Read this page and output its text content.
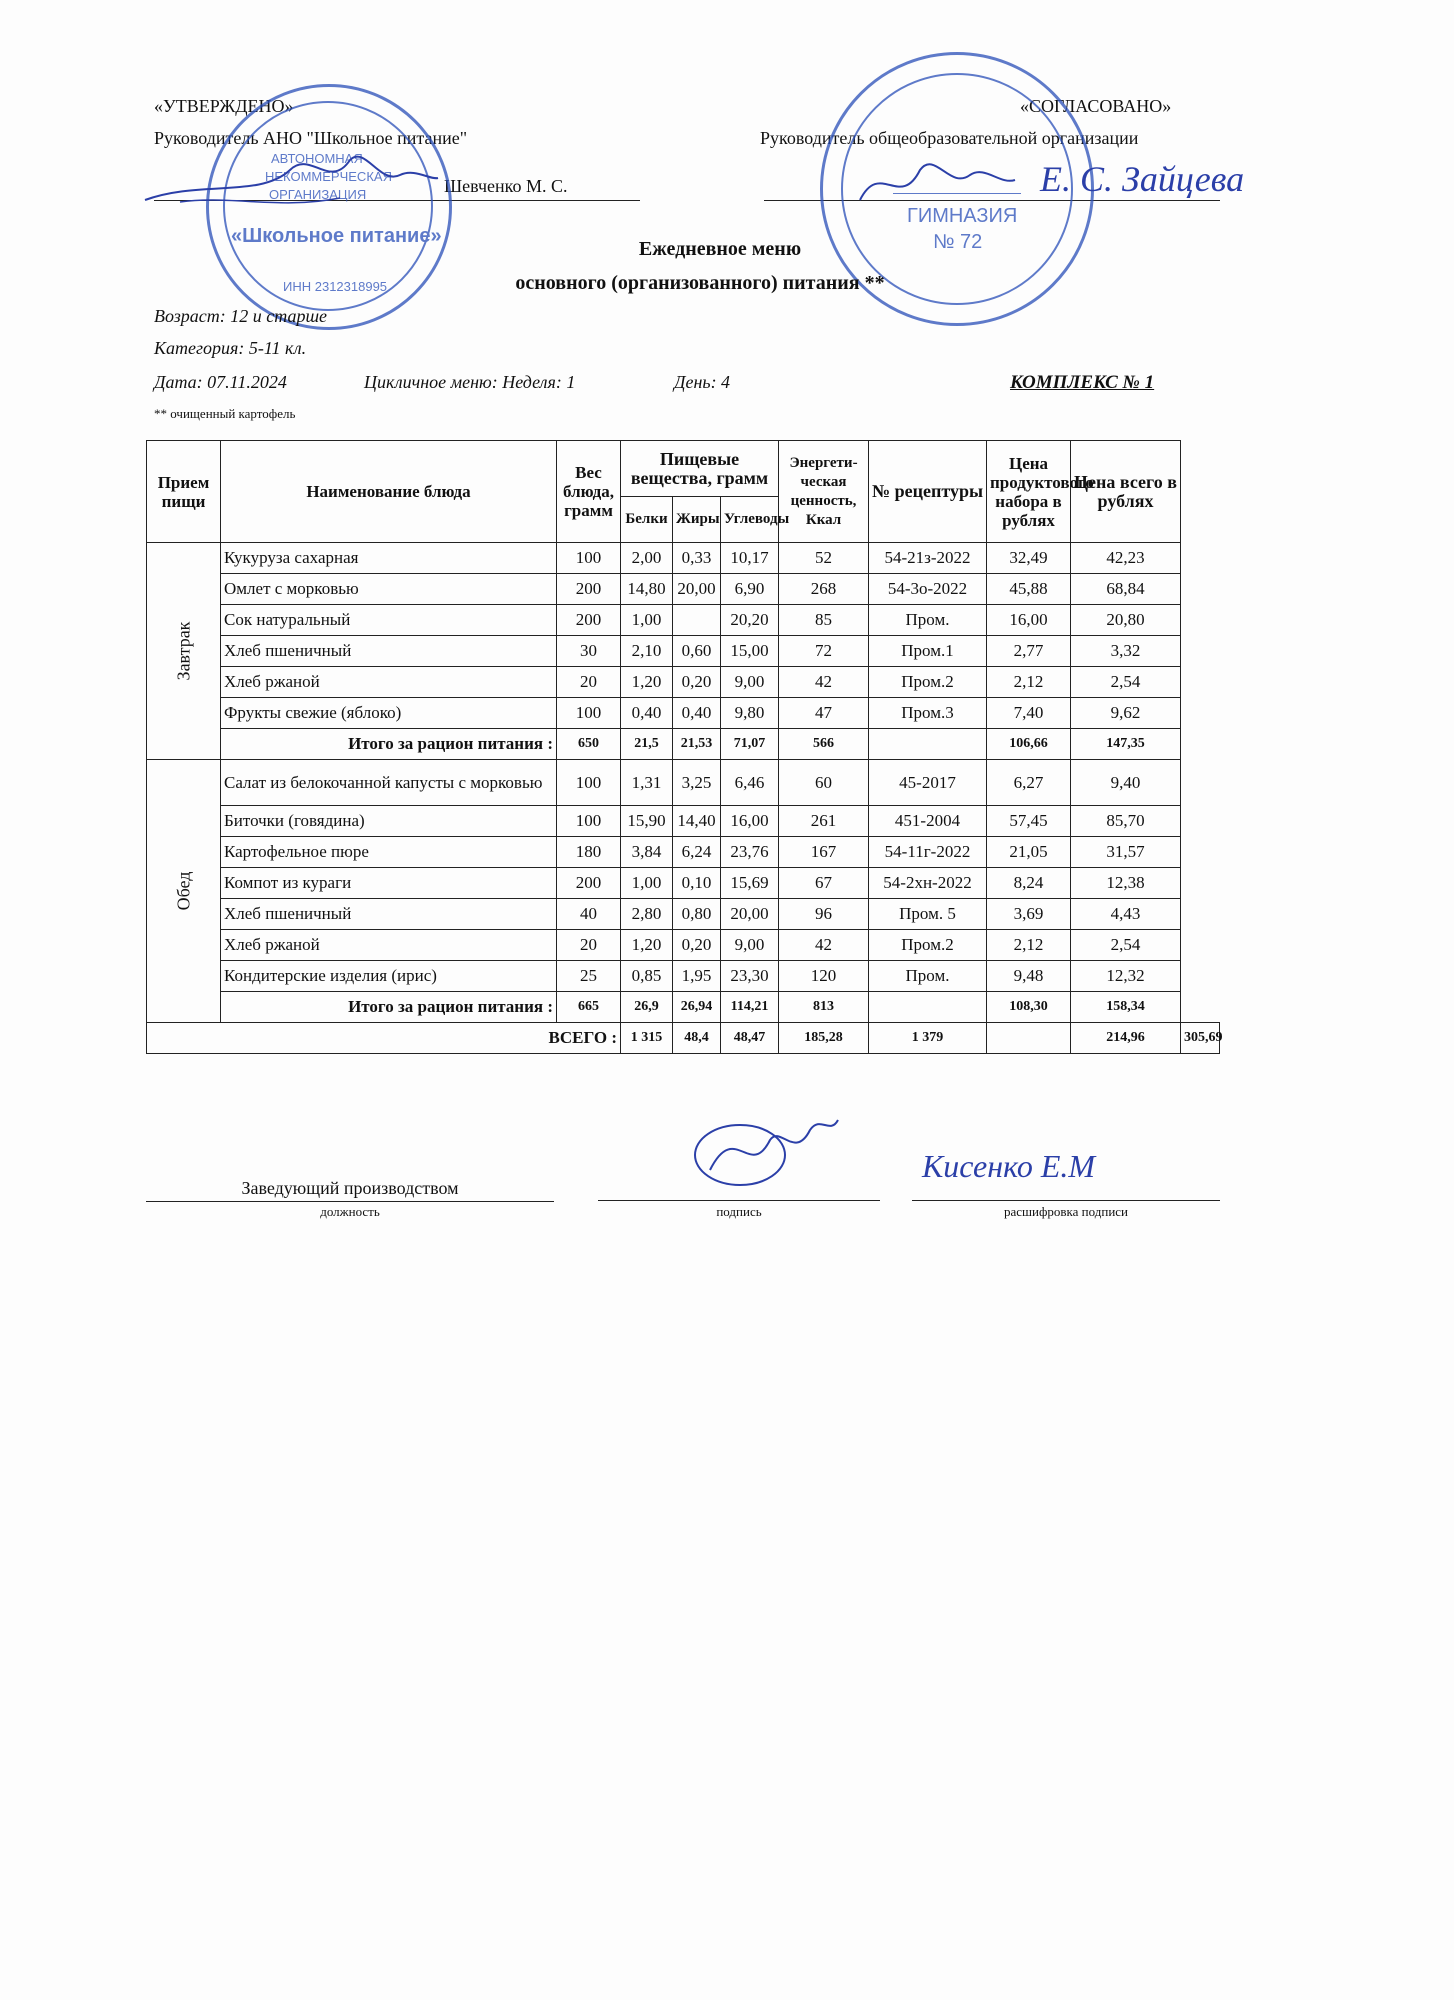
«УТВЕРЖДЕНО»
Руководитель АНО "Школьное питание"
Шевченко М. С.
«СОГЛАСОВАНО»
Руководитель общеобразовательной организации
АВТОНОМНАЯ
НЕКОММЕРЧЕСКАЯ
ОРГАНИЗАЦИЯ
«Школьное питание»
ИНН 2312318995
ГИМНАЗИЯ
№ 72
Е. С. Зайцева
Ежедневное меню
основного (организованного) питания **
Возраст: 12 и старше
Категория: 5-11 кл.
Дата: 07.11.2024	Цикличное меню: Неделя: 1	День: 4	КОМПЛЕКС № 1
** очищенный картофель
Прием пищи	Наименование блюда	Вес блюда, грамм	Пищевые вещества, грамм			Энергети- ческая ценность, Ккал	№ рецептуры	Цена продуктового набора в рублях	Цена всего в рублях	
			Белки	Жиры	Углеводы					
Завтрак	Кукуруза сахарная	100	2,00	0,33	10,17	52	54-21з-2022	32,49	42,23	
	Омлет с морковью	200	14,80	20,00	6,90	268	54-3о-2022	45,88	68,84	
	Сок натуральный	200	1,00		20,20	85	Пром.	16,00	20,80	
	Хлеб пшеничный	30	2,10	0,60	15,00	72	Пром.1	2,77	3,32	
	Хлеб ржаной	20	1,20	0,20	9,00	42	Пром.2	2,12	2,54	
	Фрукты свежие (яблоко)	100	0,40	0,40	9,80	47	Пром.3	7,40	9,62	
	Итого за рацион питания :	650	21,5	21,53	71,07	566		106,66	147,35	
Обед	Салат из белокочанной капусты с морковью	100	1,31	3,25	6,46	60	45-2017	6,27	9,40	
	Биточки (говядина)	100	15,90	14,40	16,00	261	451-2004	57,45	85,70	
	Картофельное пюре	180	3,84	6,24	23,76	167	54-11г-2022	21,05	31,57	
	Компот из кураги	200	1,00	0,10	15,69	67	54-2хн-2022	8,24	12,38	
	Хлеб пшеничный	40	2,80	0,80	20,00	96	Пром. 5	3,69	4,43	
	Хлеб ржаной	20	1,20	0,20	9,00	42	Пром.2	2,12	2,54	
	Кондитерские изделия (ирис)	25	0,85	1,95	23,30	120	Пром.	9,48	12,32	
	Итого за рацион питания :	665	26,9	26,94	114,21	813		108,30	158,34	
ВСЕГО :			1 315	48,4	48,47	185,28	1 379		214,96	305,69
Заведующий производством
должность	подпись	расшифровка подписи
Кисенко Е.М
